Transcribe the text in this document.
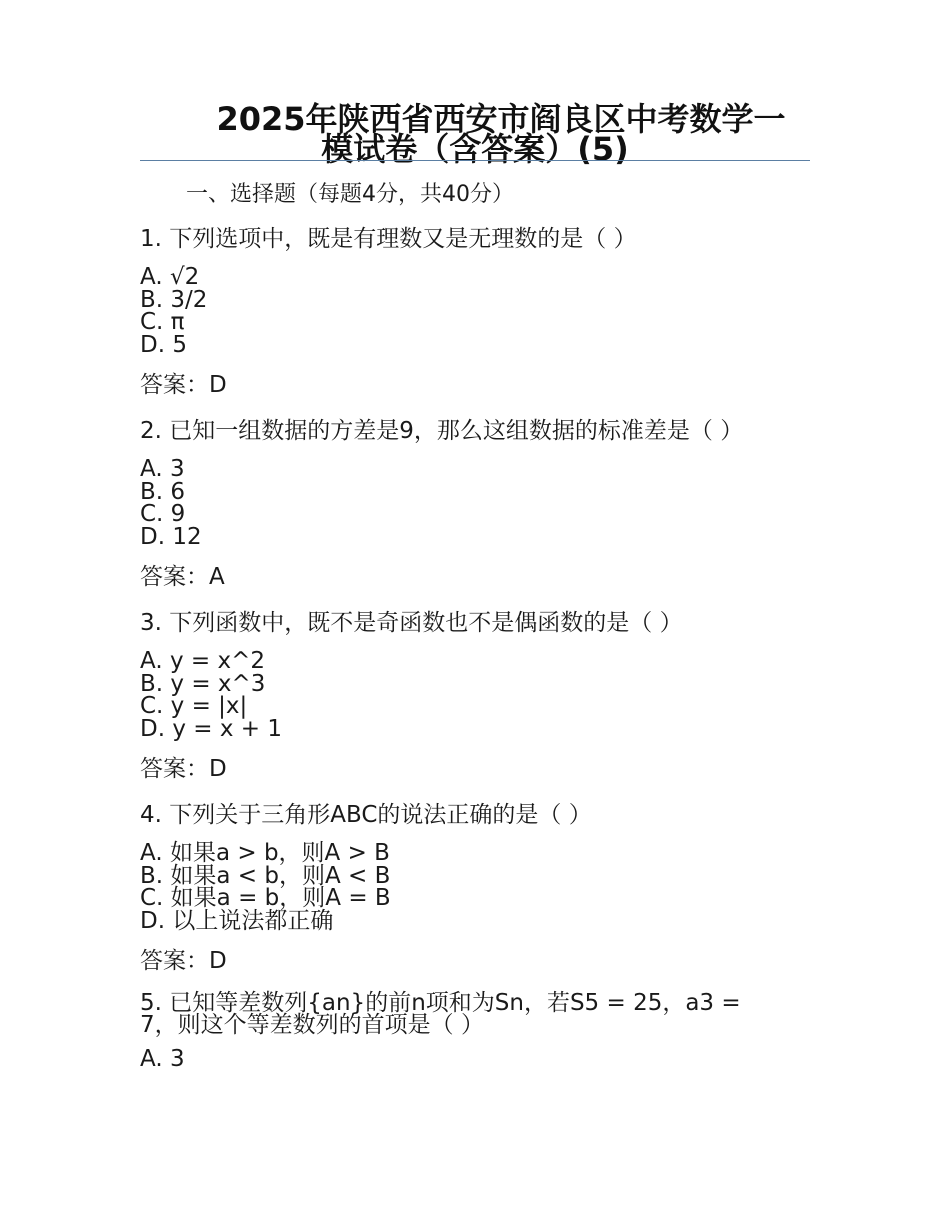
2025年陕西省西安市阎良区中考数学一
模试卷（含答案）(5)
一、选择题（每题4分，共40分）
1. 下列选项中，既是有理数又是无理数的是（ ）
A. √2
B. 3/2
C. π
D. 5
答案：D
2. 已知一组数据的方差是9，那么这组数据的标准差是（ ）
A. 3
B. 6
C. 9
D. 12
答案：A
3. 下列函数中，既不是奇函数也不是偶函数的是（ ）
A. y = x^2
B. y = x^3
C. y = |x|
D. y = x + 1
答案：D
4. 下列关于三角形ABC的说法正确的是（ ）
A. 如果a > b，则A > B
B. 如果a < b，则A < B
C. 如果a = b，则A = B
D. 以上说法都正确
答案：D
5. 已知等差数列{an}的前n项和为Sn，若S5 = 25，a3 =
7，则这个等差数列的首项是（ ）
A. 3
